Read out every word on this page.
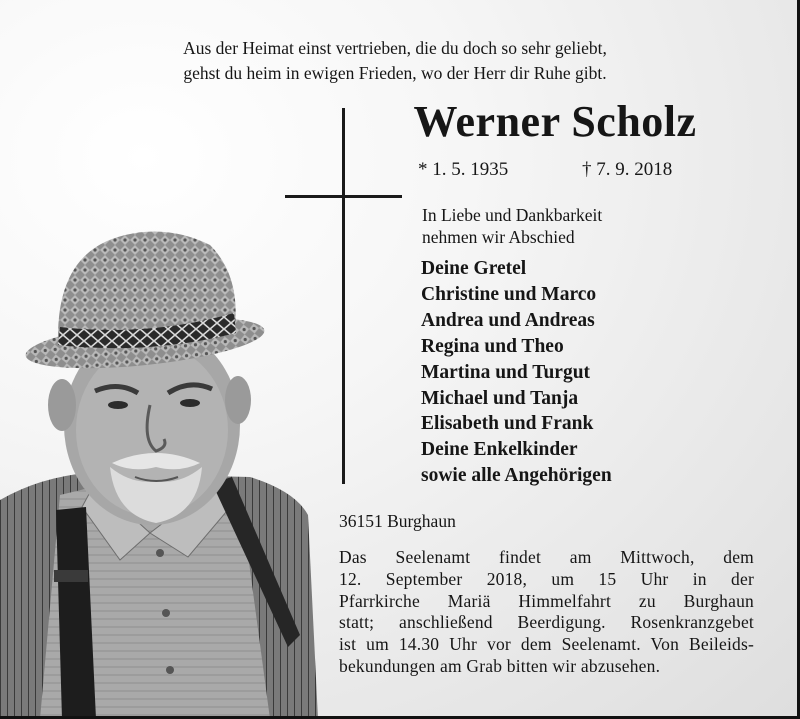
Aus der Heimat einst vertrieben, die du doch so sehr geliebt,
gehst du heim in ewigen Frieden, wo der Herr dir Ruhe gibt.
Werner Scholz
* 1. 5. 1935	† 7. 9. 2018
In Liebe und Dankbarkeit
nehmen wir Abschied
Deine Gretel
Christine und Marco
Andrea und Andreas
Regina und Theo
Martina und Turgut
Michael und Tanja
Elisabeth und Frank
Deine Enkelkinder
sowie alle Angehörigen
36151 Burghaun
Das Seelenamt findet am Mittwoch, dem
12. September 2018, um 15 Uhr in der
Pfarrkirche Mariä Himmelfahrt zu Burghaun
statt; anschließend Beerdigung. Rosenkranzgebet
ist um 14.30 Uhr vor dem Seelenamt. Von Beileids-
bekundungen am Grab bitten wir abzusehen.
